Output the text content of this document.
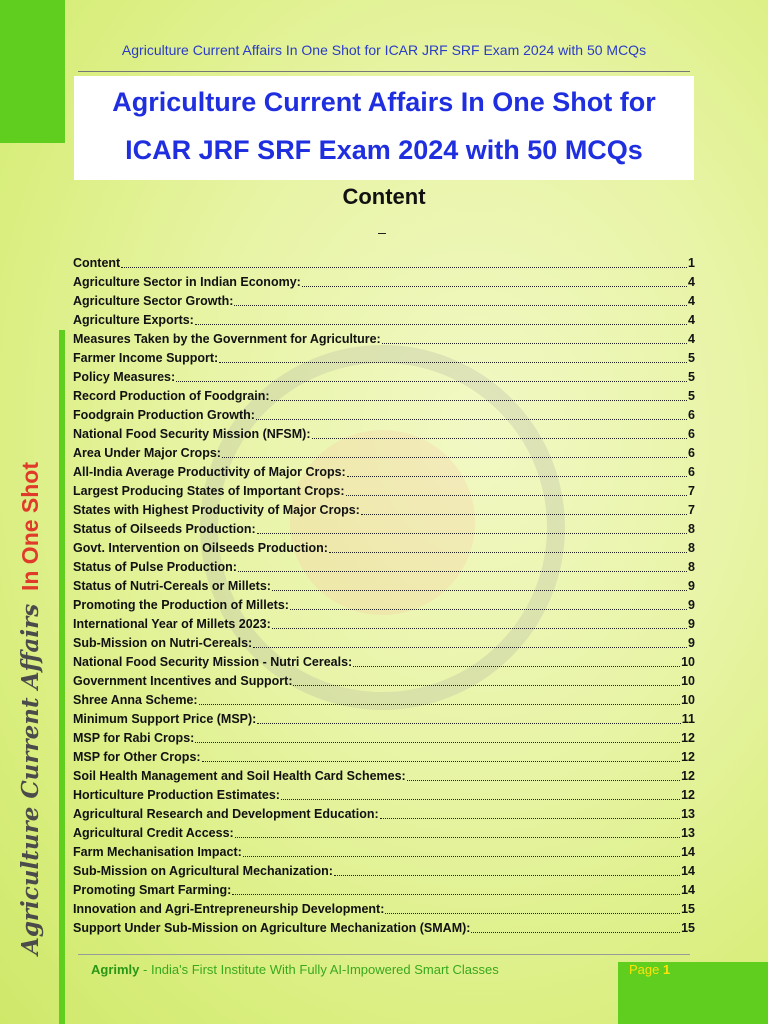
Agriculture Current Affairs In One Shot for ICAR JRF SRF Exam 2024 with 50 MCQs
Agriculture Current Affairs In One Shot for
ICAR JRF SRF Exam 2024 with 50 MCQs
Content
Content	1
Agriculture Sector in Indian Economy:	4
Agriculture Sector Growth:	4
Agriculture Exports:	4
Measures Taken by the Government for Agriculture:	4
Farmer Income Support:	5
Policy Measures:	5
Record Production of Foodgrain:	5
Foodgrain Production Growth:	6
National Food Security Mission (NFSM):	6
Area Under Major Crops:	6
All-India Average Productivity of Major Crops:	6
Largest Producing States of Important Crops:	7
States with Highest Productivity of Major Crops:	7
Status of Oilseeds Production:	8
Govt. Intervention on Oilseeds Production:	8
Status of Pulse Production:	8
Status of Nutri-Cereals or Millets:	9
Promoting the Production of Millets:	9
International Year of Millets 2023:	9
Sub-Mission on Nutri-Cereals:	9
National Food Security Mission - Nutri Cereals:	10
Government Incentives and Support:	10
Shree Anna Scheme:	10
Minimum Support Price (MSP):	11
MSP for Rabi Crops:	12
MSP for Other Crops:	12
Soil Health Management and Soil Health Card Schemes:	12
Horticulture Production Estimates:	12
Agricultural Research and Development Education:	13
Agricultural Credit Access:	13
Farm Mechanisation Impact:	14
Sub-Mission on Agricultural Mechanization:	14
Promoting Smart Farming:	14
Innovation and Agri-Entrepreneurship Development:	15
Support Under Sub-Mission on Agriculture Mechanization (SMAM):	15
Agriculture Current Affairs  In One Shot
Agrimly - India's First Institute With Fully AI-Impowered Smart Classes	Page 1
